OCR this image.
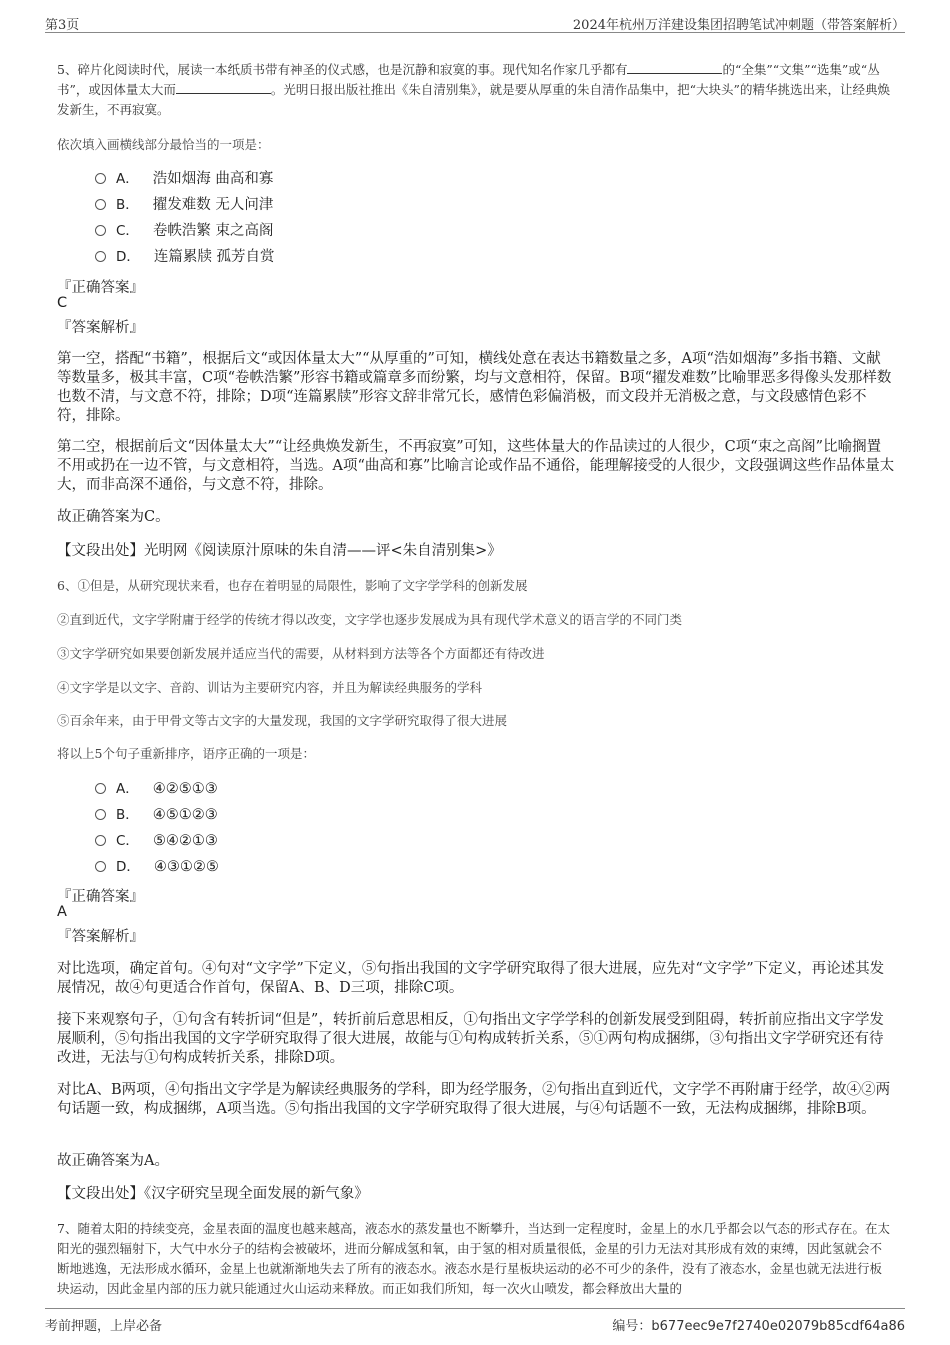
第3页	2024年杭州万洋建设集团招聘笔试冲刺题（带答案解析）
5、碎片化阅读时代，展读一本纸质书带有神圣的仪式感，也是沉静和寂寞的事。现代知名作家几乎都有	的“全集”“文集”“选集”或“丛书”，或因体量太大而	。光明日报出版社推出《朱自清别集》，就是要从厚重的朱自清作品集中，把“大块头”的精华挑选出来，让经典焕发新生，不再寂寞。
依次填入画横线部分最恰当的一项是：
A． 浩如烟海 曲高和寡
B． 擢发难数 无人问津
C． 卷帙浩繁 束之高阁
D． 连篇累牍 孤芳自赏
『正确答案』
C
『答案解析』
第一空，搭配“书籍”，根据后文“或因体量太大”“从厚重的”可知，横线处意在表达书籍数量之多，A项“浩如烟海”多指书籍、文献等数量多，极其丰富，C项“卷帙浩繁”形容书籍或篇章多而纷繁，均与文意相符，保留。B项“擢发难数”比喻罪恶多得像头发那样数也数不清，与文意不符，排除；D项“连篇累牍”形容文辞非常冗长，感情色彩偏消极，而文段并无消极之意，与文段感情色彩不符，排除。
第二空，根据前后文“因体量太大”“让经典焕发新生，不再寂寞”可知，这些体量大的作品读过的人很少，C项“束之高阁”比喻搁置不用或扔在一边不管，与文意相符，当选。A项“曲高和寡”比喻言论或作品不通俗，能理解接受的人很少，文段强调这些作品体量太大，而非高深不通俗，与文意不符，排除。
故正确答案为C。
【文段出处】光明网《阅读原汁原味的朱自清——评<朱自清别集>》
6、①但是，从研究现状来看，也存在着明显的局限性，影响了文字学学科的创新发展
②直到近代，文字学附庸于经学的传统才得以改变，文字学也逐步发展成为具有现代学术意义的语言学的不同门类
③文字学研究如果要创新发展并适应当代的需要，从材料到方法等各个方面都还有待改进
④文字学是以文字、音韵、训诂为主要研究内容，并且为解读经典服务的学科
⑤百余年来，由于甲骨文等古文字的大量发现，我国的文字学研究取得了很大进展
将以上5个句子重新排序，语序正确的一项是：
A． ④②⑤①③
B． ④⑤①②③
C． ⑤④②①③
D． ④③①②⑤
『正确答案』
A
『答案解析』
对比选项，确定首句。④句对“文字学”下定义，⑤句指出我国的文字学研究取得了很大进展，应先对“文字学”下定义，再论述其发展情况，故④句更适合作首句，保留A、B、D三项，排除C项。
接下来观察句子，①句含有转折词“但是”，转折前后意思相反，①句指出文字学学科的创新发展受到阻碍，转折前应指出文字学发展顺利，⑤句指出我国的文字学研究取得了很大进展，故能与①句构成转折关系，⑤①两句构成捆绑，③句指出文字学研究还有待改进，无法与①句构成转折关系，排除D项。
对比A、B两项，④句指出文字学是为解读经典服务的学科，即为经学服务，②句指出直到近代，文字学不再附庸于经学，故④②两句话题一致，构成捆绑，A项当选。⑤句指出我国的文字学研究取得了很大进展，与④句话题不一致，无法构成捆绑，排除B项。
故正确答案为A。
【文段出处】《汉字研究呈现全面发展的新气象》
7、随着太阳的持续变亮，金星表面的温度也越来越高，液态水的蒸发量也不断攀升，当达到一定程度时，金星上的水几乎都会以气态的形式存在。在太阳光的强烈辐射下，大气中水分子的结构会被破坏，进而分解成氢和氧，由于氢的相对质量很低，金星的引力无法对其形成有效的束缚，因此氢就会不断地逃逸，无法形成水循环，金星上也就渐渐地失去了所有的液态水。液态水是行星板块运动的必不可少的条件，没有了液态水，金星也就无法进行板块运动，因此金星内部的压力就只能通过火山运动来释放。而正如我们所知，每一次火山喷发，都会释放出大量的
考前押题，上岸必备	编号：b677eec9e7f2740e02079b85cdf64a86
